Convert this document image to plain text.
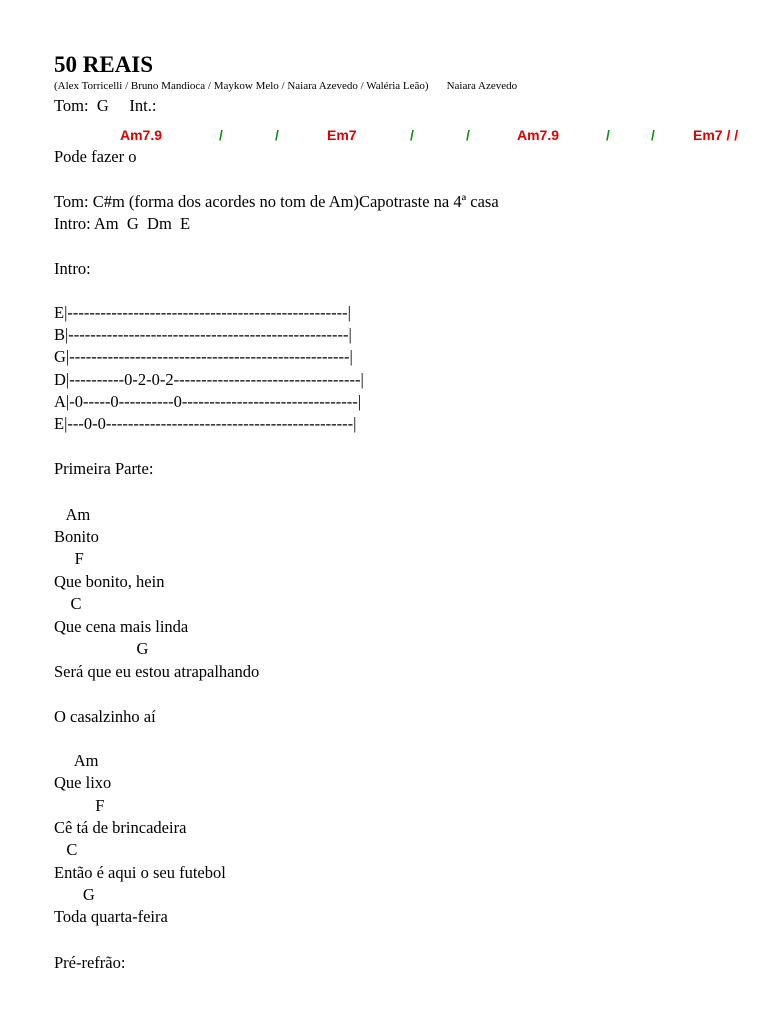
50 REAIS
(Alex Torricelli / Bruno Mandioca / Maykow Melo / Naiara Azevedo / Waléria Leão) Naiara Azevedo
Tom:  G     Int.:
Am7.9	/	/	Em7	/	/	Am7.9	/	/	Em7 / /

Pode fazer o

Tom: C#m (forma dos acordes no tom de Am)Capotraste na 4ª casa

Intro: Am  G  Dm  E

Intro:

E|---------------------------------------------------|

B|---------------------------------------------------|

G|---------------------------------------------------|

D|----------0-2-0-2----------------------------------|

A|-0-----0----------0--------------------------------|

E|---0-0---------------------------------------------|

Primeira Parte:

Am

Bonito

F

Que bonito, hein

C

Que cena mais linda

G

Será que eu estou atrapalhando

O casalzinho aí

Am

Que lixo

F

Cê tá de brincadeira

C

Então é aqui o seu futebol

G

Toda quarta-feira

Pré-refrão:
